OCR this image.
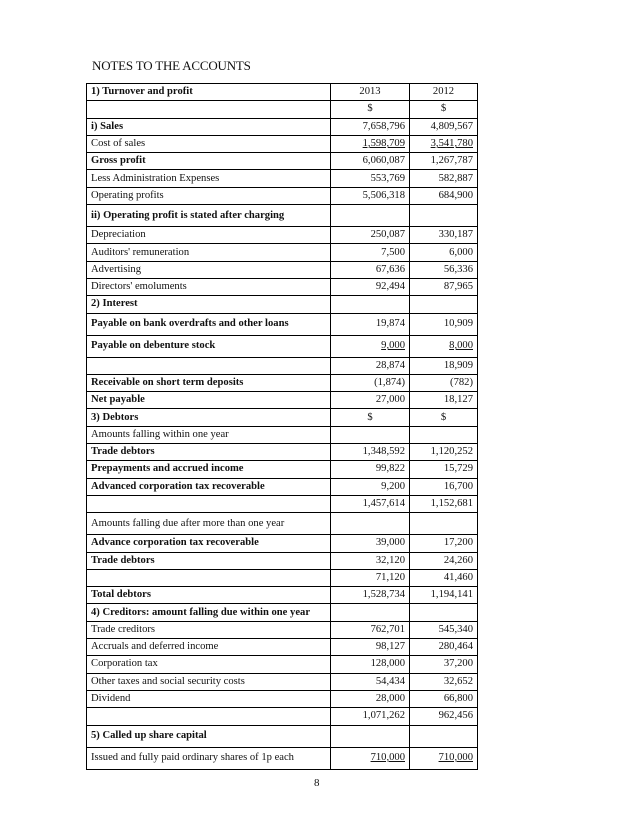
NOTES TO THE ACCOUNTS
1) Turnover and profit	2013	2012
	$	$
i) Sales	7,658,796	4,809,567
Cost of sales	1,598,709	3,541,780
Gross profit	6,060,087	1,267,787
Less Administration Expenses	553,769	582,887
Operating profits	5,506,318	684,900
ii) Operating profit is stated after charging		
Depreciation	250,087	330,187
Auditors' remuneration	7,500	6,000
Advertising	67,636	56,336
Directors' emoluments	92,494	87,965
2) Interest		
Payable on bank overdrafts and other loans	19,874	10,909
Payable on debenture stock	9,000	8,000
	28,874	18,909
Receivable on short term deposits	(1,874)	(782)
Net payable	27,000	18,127
3) Debtors	$	$
Amounts falling within one year		
Trade debtors	1,348,592	1,120,252
Prepayments and accrued income	99,822	15,729
Advanced corporation tax recoverable	9,200	16,700
	1,457,614	1,152,681
Amounts falling due after more than one year		
Advance corporation tax recoverable	39,000	17,200
Trade debtors	32,120	24,260
	71,120	41,460
Total debtors	1,528,734	1,194,141
4) Creditors: amount falling due within one year		
Trade creditors	762,701	545,340
Accruals and deferred income	98,127	280,464
Corporation tax	128,000	37,200
Other taxes and social security costs	54,434	32,652
Dividend	28,000	66,800
	1,071,262	962,456
5) Called up share capital		
Issued and fully paid ordinary shares of 1p each	710,000	710,000
8
